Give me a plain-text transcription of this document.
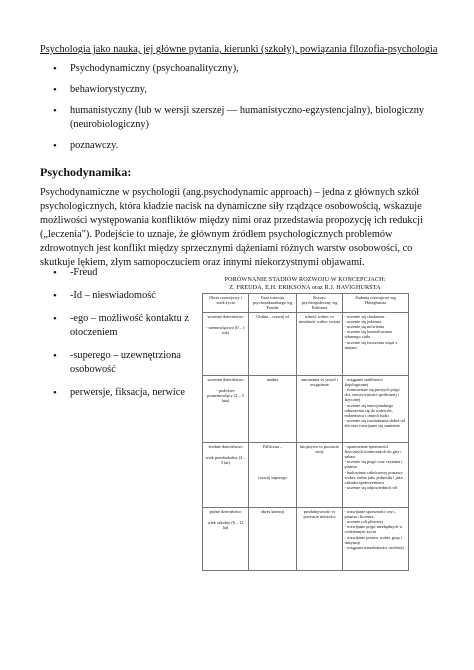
Psychologia jako nauka, jej główne pytania, kierunki (szkoły), powiązania filozofia-psychologia
• Psychodynamiczny (psychoanalityczny),
• behawiorystyczny,
• humanistyczny (lub w wersji szerszej — humanistyczno-egzystencjalny), biologiczny (neurobiologiczny)
• poznawczy.
Psychodynamika:
Psychodynamiczne w psychologii (ang.psychodynamic approach) – jedna z głównych szkół psychologicznych, która kładzie nacisk na dynamiczne siły rządzące osobowością, wskazuje możliwości występowania konfliktów między nimi oraz przedstawia propozycję ich redukcji („leczenia"). Podejście to uznaje, że głównym źródłem psychologicznych problemów zdrowotnych jest konflikt między sprzecznymi dążeniami różnych warstw osobowości, co skutkuje lękiem, złym samopoczuciem oraz innymi niekorzystnymi objawami.
• -Freud
• -Id – nieswiadomość
• -ego – możliwość kontaktu z otoczeniem
• -superego – uzewnętrziona osobowość
• perwersje, fiksacja, nerwice
PORÓWNANIE STADIÓW ROZWOJU W KONCEPCJACH:
Z. FREUDA, E.H. ERIKSONA oraz R.J. HAVIGHURSTA
Okres rozwojowy i wiek życia	Faza rozwoju psychoseksualnego wg Freuda	Kryzys psychospołeczny wg Eriksona	Zadania rozwojowe wg Havighursta

wczesne dzieciństwo
- niemowlęctwo (0 – 1 rok)	Oralna – rozwój id	ufność wobec vs nieufność wobec świata	- uczenie się chodzenia
- uczenie się jedzenia
- uczenie się mówienia
- uczenie się kontrolowania własnego ciała
- uczenie się tworzenia więzi z innymi

wczesne dzieciństwo
- podokres poniemowlęcy (2 – 3 lata)	analna	autonomia vs wstyd i zwątpienie	- osiąganie stabilności fizjologicznej
- formowanie się prostych pojęć dot. rzeczywistości społecznej i fizycznej
- uczenie się emocjonalnego odnoszenia się do rodziców, rodzeństwa i innych ludzi
- uczenie się rozróżniania dobra od zła oraz rozwijanie się sumienia

średnie dzieciństwo
wiek przedszkolny (4 – 5 lat)	Falliczna –
rozwój superego	inicjatywa vs poczucie winy	- opanowanie sprawności fizycznych koniecznych do gier i zabaw
- uczenie się pojęć oraz czytania i pisania
- budowanie całościowej postawy wobec siebie jako jednostki i jako członka społeczeństwa
- uczenie się odpowiednich ról

późne dzieciństwo
wiek szkolny (6 – 12 lat)	okres latencji	produktywność vs poczucie niższości	- rozwijanie sprawności czyt., pisania i liczenia
- uczenie roli płciowej
- rozwijanie pojęć niezbędnych w codziennym życiu
- rozwijanie postaw wobec grup i instytucji
- osiąganie niezależności osobistej
